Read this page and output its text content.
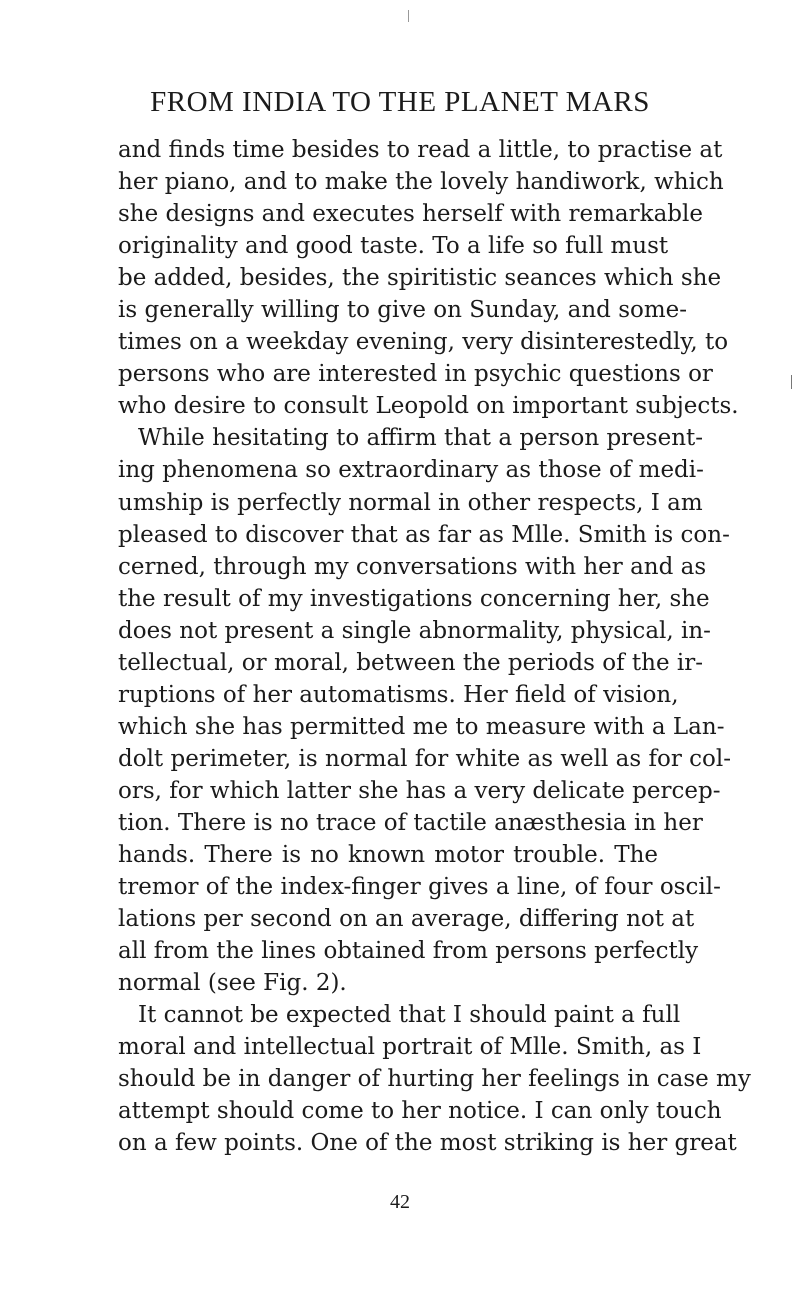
FROM INDIA TO THE PLANET MARS
and finds time besides to read a little, to practise at
her piano, and to make the lovely handiwork, which
she designs and executes herself with remarkable
originality and good taste. To a life so full must
be added, besides, the spiritistic seances which she
is generally willing to give on Sunday, and some-
times on a weekday evening, very disinterestedly, to
persons who are interested in psychic questions or
who desire to consult Leopold on important subjects.
While hesitating to affirm that a person present-
ing phenomena so extraordinary as those of medi-
umship is perfectly normal in other respects, I am
pleased to discover that as far as Mlle. Smith is con-
cerned, through my conversations with her and as
the result of my investigations concerning her, she
does not present a single abnormality, physical, in-
tellectual, or moral, between the periods of the ir-
ruptions of her automatisms. Her field of vision,
which she has permitted me to measure with a Lan-
dolt perimeter, is normal for white as well as for col-
ors, for which latter she has a very delicate percep-
tion. There is no trace of tactile anæsthesia in her
hands. There is no known motor trouble. The
tremor of the index-finger gives a line, of four oscil-
lations per second on an average, differing not at
all from the lines obtained from persons perfectly
normal (see Fig. 2).
It cannot be expected that I should paint a full
moral and intellectual portrait of Mlle. Smith, as I
should be in danger of hurting her feelings in case my
attempt should come to her notice. I can only touch
on a few points. One of the most striking is her great
42
